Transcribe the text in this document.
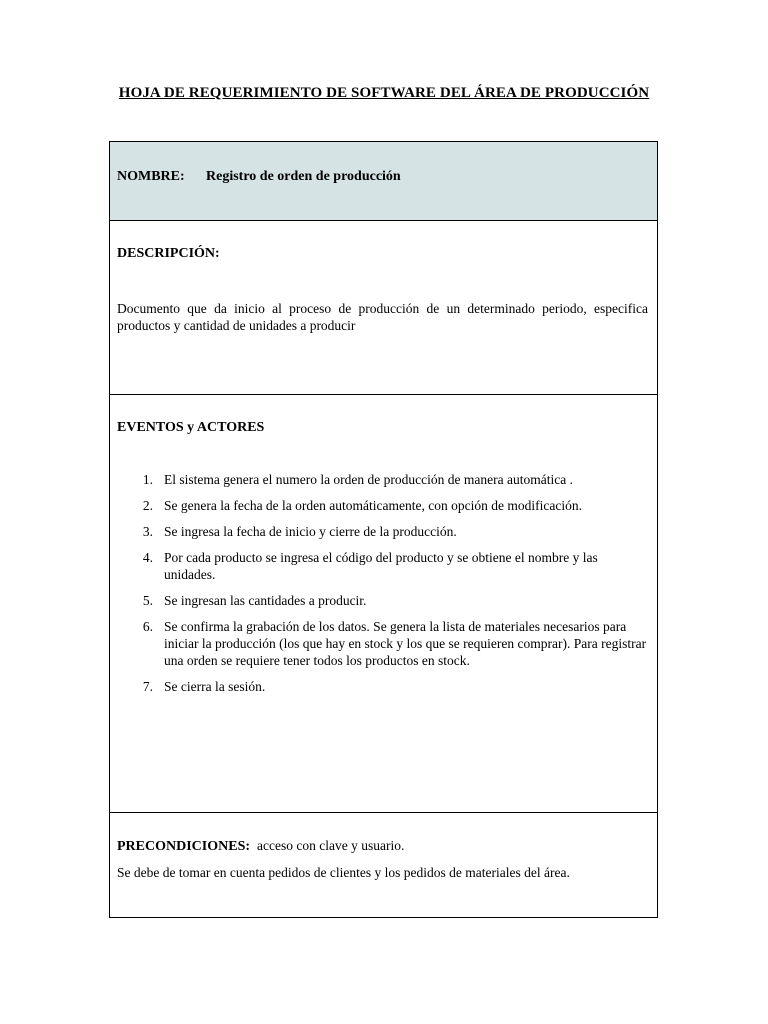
HOJA DE REQUERIMIENTO DE SOFTWARE DEL ÁREA DE PRODUCCIÓN
NOMBRE: Registro de orden de producción
DESCRIPCIÓN:
Documento que da inicio al proceso de producción de un determinado periodo, especifica productos y cantidad de unidades a producir
EVENTOS y ACTORES
1. El sistema genera el numero la orden de producción de manera automática .
2. Se genera la fecha de la orden automáticamente, con opción de modificación.
3. Se ingresa la fecha de inicio y cierre de la producción.
4. Por cada producto se ingresa el código del producto y se obtiene el nombre y las unidades.
5. Se ingresan las cantidades a producir.
6. Se confirma la grabación de los datos. Se genera la lista de materiales necesarios para iniciar la producción (los que hay en stock y los que se requieren comprar). Para registrar una orden se requiere tener todos los productos en stock.
7. Se cierra la sesión.
PRECONDICIONES: acceso con clave y usuario.
Se debe de tomar en cuenta pedidos de clientes y los pedidos de materiales del área.
